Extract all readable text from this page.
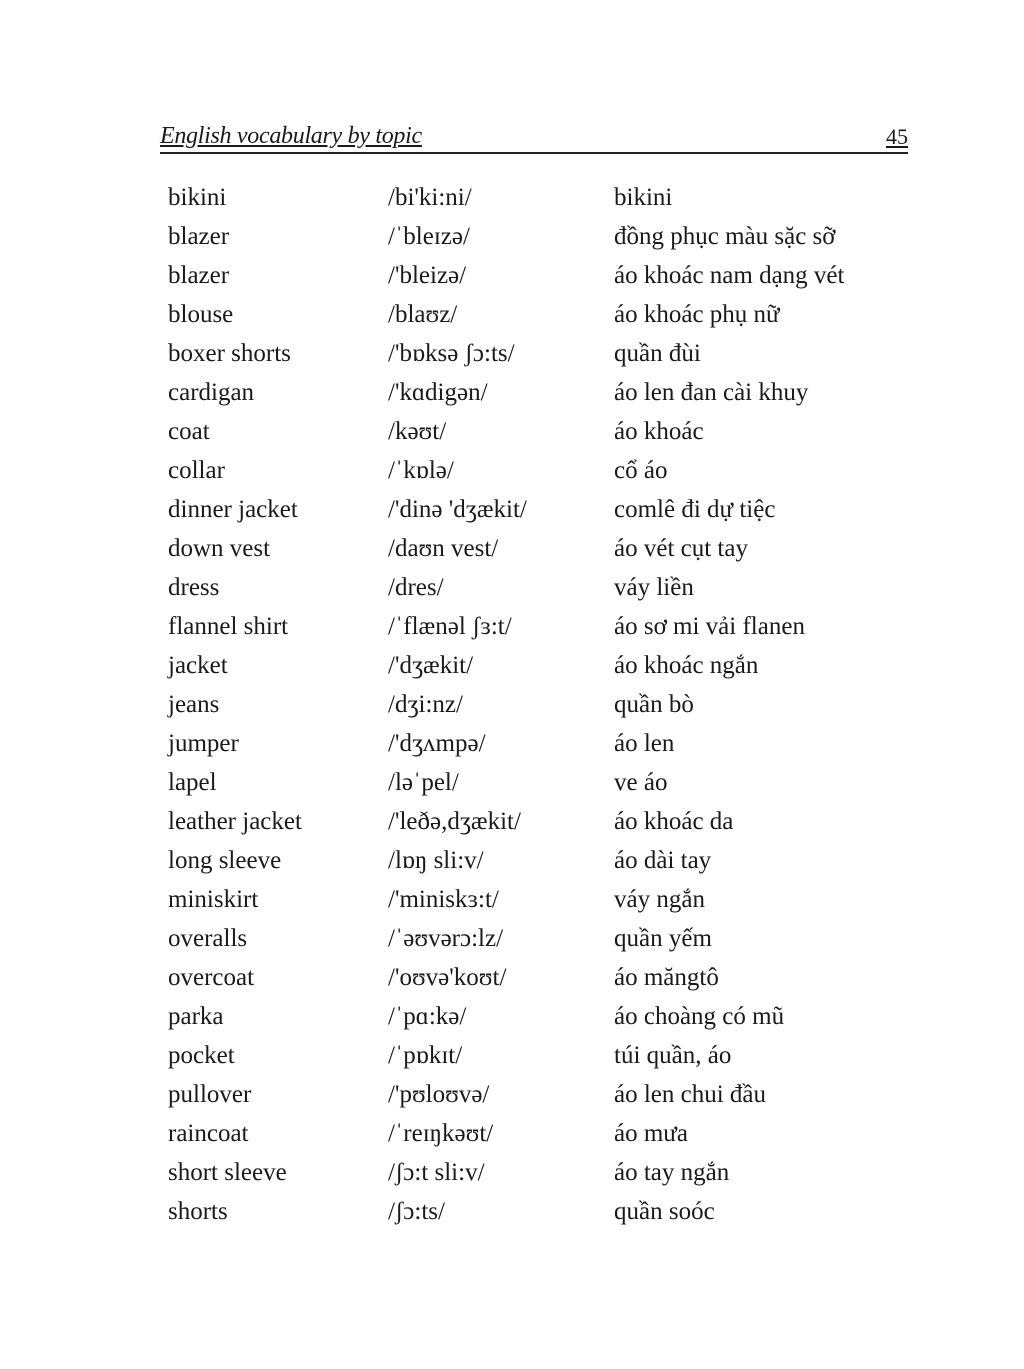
English vocabulary by topic	45
bikini	/bi'ki:ni/	bikini
blazer	/ˈbleɪzə/	đồng phục màu sặc sỡ
blazer	/'bleizə/	áo khoác nam dạng vét
blouse	/blaʊz/	áo khoác phụ nữ
boxer shorts	/'bɒksə ʃɔ:ts/	quần đùi
cardigan	/'kɑdigən/	áo len đan cài khuy
coat	/kəʊt/	áo khoác
collar	/ˈkɒlə/	cổ áo
dinner jacket	/'dinə 'dʒækit/	comlê đi dự tiệc
down vest	/daʊn vest/	áo vét cụt tay
dress	/dres/	váy liền
flannel shirt	/ˈflænəl ʃɜ:t/	áo sơ mi vải flanen
jacket	/'dʒækit/	áo khoác ngắn
jeans	/dʒi:nz/	quần bò
jumper	/'dʒʌmpə/	áo len
lapel	/ləˈpel/	ve áo
leather jacket	/'leðə,dʒækit/	áo khoác da
long sleeve	/lɒŋ sli:v/	áo dài tay
miniskirt	/'miniskɜ:t/	váy ngắn
overalls	/ˈəʊvərɔ:lz/	quần yếm
overcoat	/'oʊvə'koʊt/	áo măngtô
parka	/ˈpɑ:kə/	áo choàng có mũ
pocket	/ˈpɒkɪt/	túi quần, áo
pullover	/'pʊloʊvə/	áo len chui đầu
raincoat	/ˈreɪŋkəʊt/	áo mưa
short sleeve	/ʃɔ:t sli:v/	áo tay ngắn
shorts	/ʃɔ:ts/	quần soóc
